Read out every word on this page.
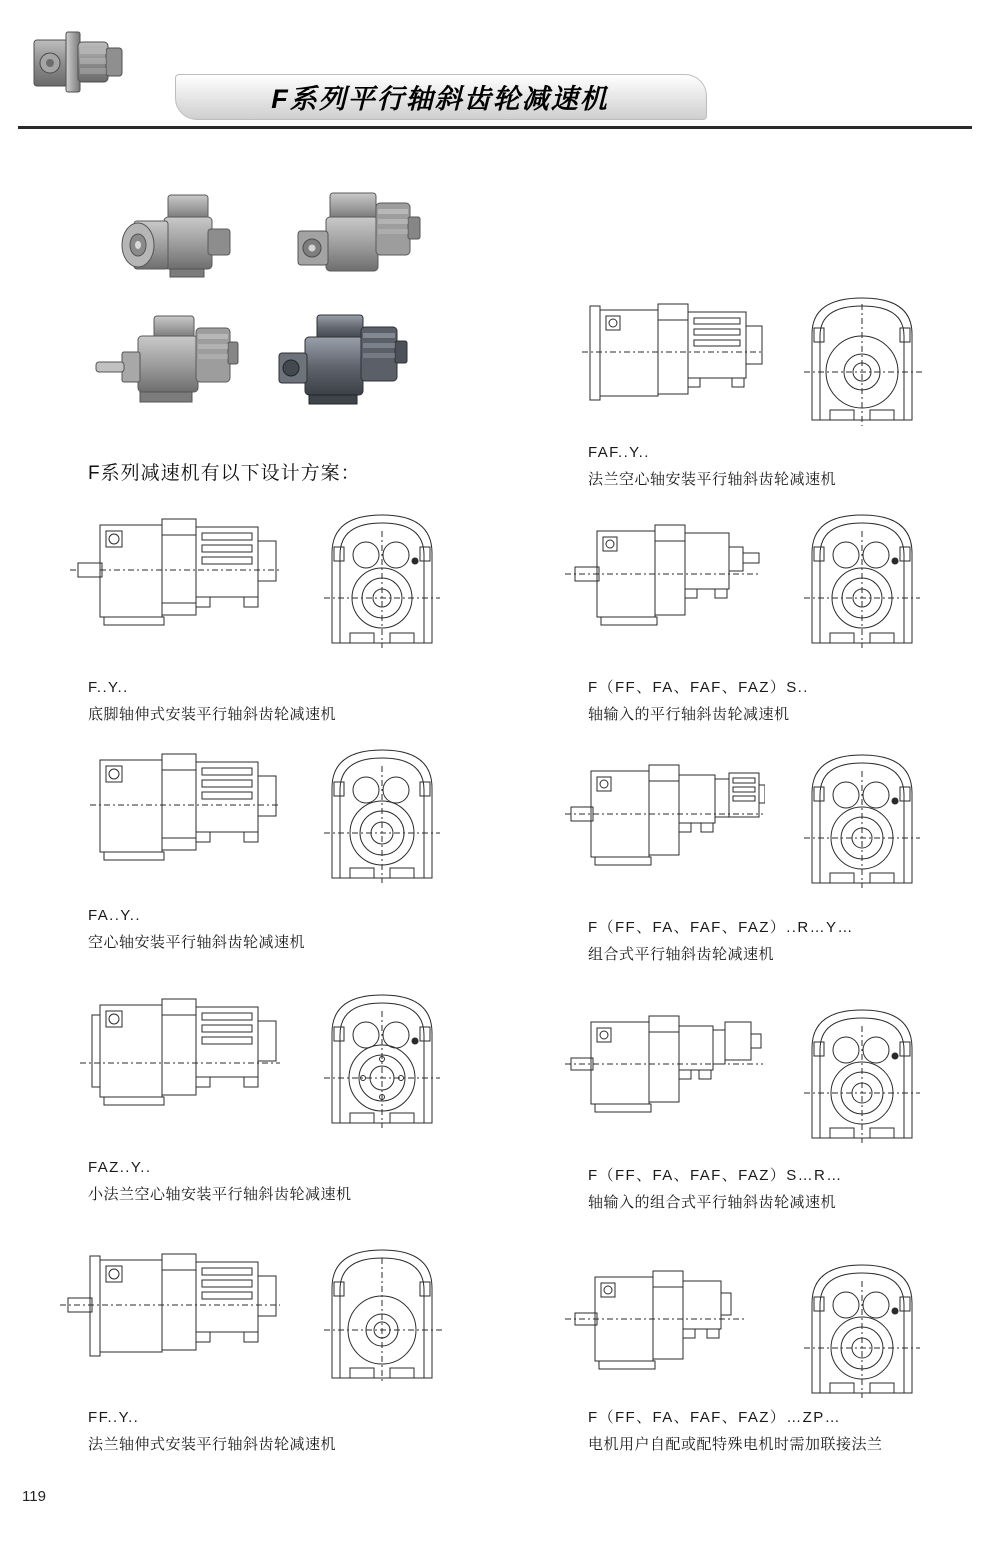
F系列平行轴斜齿轮减速机
F系列减速机有以下设计方案：
F..Y..
底脚轴伸式安装平行轴斜齿轮减速机
FA..Y..
空心轴安装平行轴斜齿轮减速机
FAZ..Y..
小法兰空心轴安装平行轴斜齿轮减速机
FF..Y..
法兰轴伸式安装平行轴斜齿轮减速机
FAF..Y..
法兰空心轴安装平行轴斜齿轮减速机
F（FF、FA、FAF、FAZ）S..
轴输入的平行轴斜齿轮减速机
F（FF、FA、FAF、FAZ）..R…Y…
组合式平行轴斜齿轮减速机
F（FF、FA、FAF、FAZ）S…R…
轴输入的组合式平行轴斜齿轮减速机
F（FF、FA、FAF、FAZ）…ZP…
电机用户自配或配特殊电机时需加联接法兰
119
